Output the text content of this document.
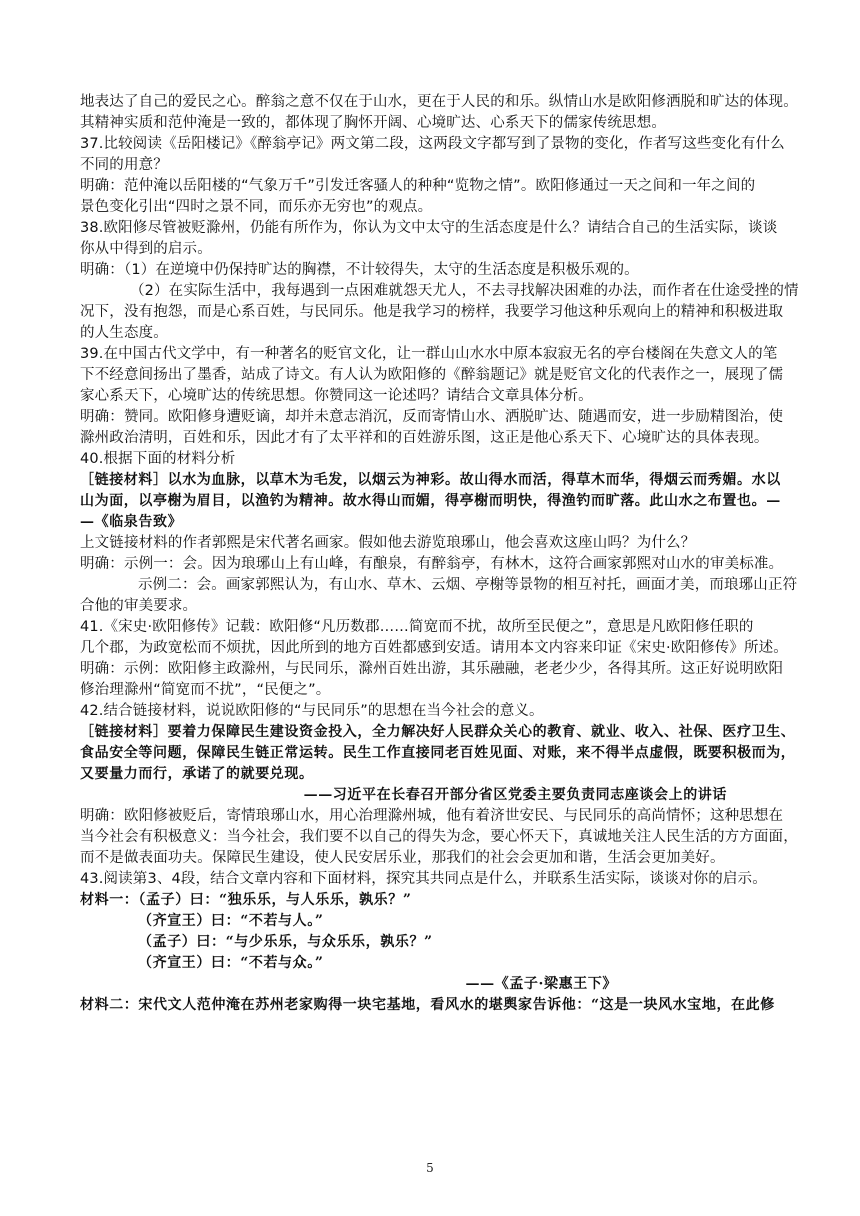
地表达了自己的爱民之心。醉翁之意不仅在于山水，更在于人民的和乐。纵情山水是欧阳修洒脱和旷达的体现。

其精神实质和范仲淹是一致的，都体现了胸怀开阔、心境旷达、心系天下的儒家传统思想。

37.比较阅读《岳阳楼记》《醉翁亭记》两文第二段，这两段文字都写到了景物的变化，作者写这些变化有什么

不同的用意？

明确：范仲淹以岳阳楼的“气象万千”引发迁客骚人的种种“览物之情”。欧阳修通过一天之间和一年之间的

景色变化引出“四时之景不同，而乐亦无穷也”的观点。

38.欧阳修尽管被贬滁州，仍能有所作为，你认为文中太守的生活态度是什么？请结合自己的生活实际，谈谈

你从中得到的启示。

明确：（1）在逆境中仍保持旷达的胸襟，不计较得失，太守的生活态度是积极乐观的。

（2）在实际生活中，我每遇到一点困难就怨天尤人，不去寻找解决困难的办法，而作者在仕途受挫的情

况下，没有抱怨，而是心系百姓，与民同乐。他是我学习的榜样，我要学习他这种乐观向上的精神和积极进取

的人生态度。

39.在中国古代文学中，有一种著名的贬官文化，让一群山山水水中原本寂寂无名的亭台楼阁在失意文人的笔

下不经意间扬出了墨香，站成了诗文。有人认为欧阳修的《醉翁题记》就是贬官文化的代表作之一，展现了儒

家心系天下，心境旷达的传统思想。你赞同这一论述吗？请结合文章具体分析。

明确：赞同。欧阳修身遭贬谪，却并未意志消沉，反而寄情山水、洒脱旷达、随遇而安，进一步励精图治，使

滁州政治清明，百姓和乐，因此才有了太平祥和的百姓游乐图，这正是他心系天下、心境旷达的具体表现。

40.根据下面的材料分析

［链接材料］以水为血脉，以草木为毛发，以烟云为神彩。故山得水而活，得草木而华，得烟云而秀媚。水以

山为面，以亭榭为眉目，以渔钓为精神。故水得山而媚，得亭榭而明快，得渔钓而旷落。此山水之布置也。—

—《临泉告致》

上文链接材料的作者郭熙是宋代著名画家。假如他去游览琅琊山，他会喜欢这座山吗？为什么？

明确：示例一：会。因为琅琊山上有山峰，有酿泉，有醉翁亭，有林木，这符合画家郭熙对山水的审美标准。

示例二：会。画家郭熙认为，有山水、草木、云烟、亭榭等景物的相互衬托，画面才美，而琅琊山正符

合他的审美要求。

41.《宋史·欧阳修传》记载：欧阳修“凡历数郡……简宽而不扰，故所至民便之”，意思是凡欧阳修任职的

几个郡，为政宽松而不烦扰，因此所到的地方百姓都感到安适。请用本文内容来印证《宋史·欧阳修传》所述。

明确：示例：欧阳修主政滁州，与民同乐，滁州百姓出游，其乐融融，老老少少，各得其所。这正好说明欧阳

修治理滁州“简宽而不扰”，“民便之”。

42.结合链接材料，说说欧阳修的“与民同乐”的思想在当今社会的意义。

［链接材料］要着力保障民生建设资金投入，全力解决好人民群众关心的教育、就业、收入、社保、医疗卫生、

食品安全等问题，保障民生链正常运转。民生工作直接同老百姓见面、对账，来不得半点虚假，既要积极而为，

又要量力而行，承诺了的就要兑现。

——习近平在长春召开部分省区党委主要负责同志座谈会上的讲话

明确：欧阳修被贬后，寄情琅琊山水，用心治理滁州城，他有着济世安民、与民同乐的高尚情怀；这种思想在

当今社会有积极意义：当今社会，我们要不以自己的得失为念，要心怀天下，真诚地关注人民生活的方方面面，

而不是做表面功夫。保障民生建设，使人民安居乐业，那我们的社会会更加和谐，生活会更加美好。

43.阅读第3、4段，结合文章内容和下面材料，探究其共同点是什么，并联系生活实际，谈谈对你的启示。

材料一：（孟子）曰：“独乐乐，与人乐乐，孰乐？”

（齐宣王）曰：“不若与人。”

（孟子）曰：“与少乐乐，与众乐乐，孰乐？”

（齐宣王）曰：“不若与众。”

——《孟子·梁惠王下》

材料二：宋代文人范仲淹在苏州老家购得一块宅基地，看风水的堪舆家告诉他：“这是一块风水宝地，在此修

5
